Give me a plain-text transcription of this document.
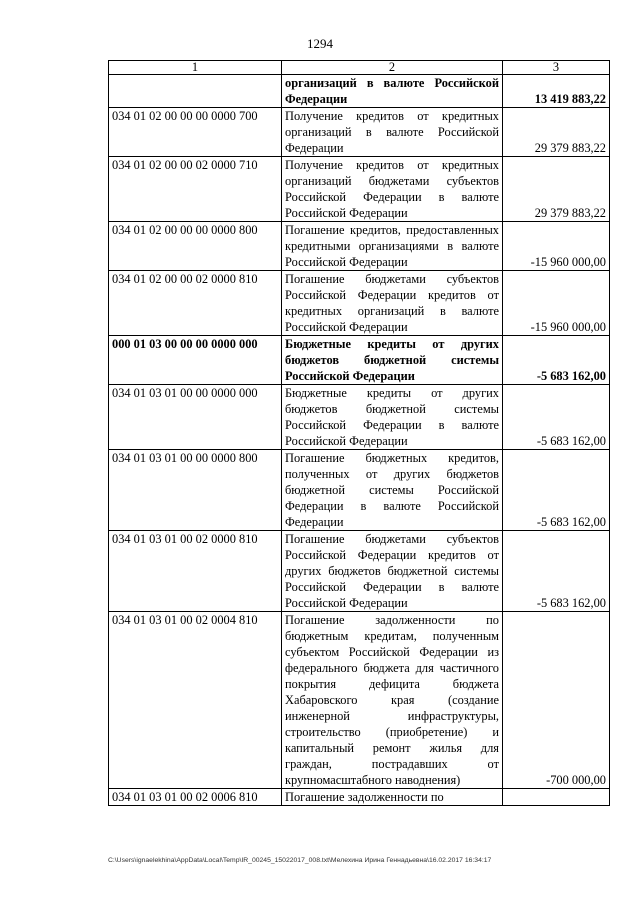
1294
1	2	3
	организаций в валюте Российской Федерации	13 419 883,22
034 01 02 00 00 00 0000 700	Получение кредитов от кредитных организаций в валюте Российской Федерации	29 379 883,22
034 01 02 00 00 02 0000 710	Получение кредитов от кредитных организаций бюджетами субъектов Российской Федерации в валюте Российской Федерации	29 379 883,22
034 01 02 00 00 00 0000 800	Погашение кредитов, предоставленных кредитными организациями в валюте Российской Федерации	-15 960 000,00
034 01 02 00 00 02 0000 810	Погашение бюджетами субъектов Российской Федерации кредитов от кредитных организаций в валюте Российской Федерации	-15 960 000,00
000 01 03 00 00 00 0000 000	Бюджетные кредиты от других бюджетов бюджетной системы Российской Федерации	-5 683 162,00
034 01 03 01 00 00 0000 000	Бюджетные кредиты от других бюджетов бюджетной системы Российской Федерации в валюте Российской Федерации	-5 683 162,00
034 01 03 01 00 00 0000 800	Погашение бюджетных кредитов, полученных от других бюджетов бюджетной системы Российской Федерации в валюте Российской Федерации	-5 683 162,00
034 01 03 01 00 02 0000 810	Погашение бюджетами субъектов Российской Федерации кредитов от других бюджетов бюджетной системы Российской Федерации в валюте Российской Федерации	-5 683 162,00
034 01 03 01 00 02 0004 810	Погашение задолженности по бюджетным кредитам, полученным субъектом Российской Федерации из федерального бюджета для частичного покрытия дефицита бюджета Хабаровского края (создание инженерной инфраструктуры, строительство (приобретение) и капитальный ремонт жилья для граждан, пострадавших от крупномасштабного наводнения)	-700 000,00
034 01 03 01 00 02 0006 810	Погашение задолженности по	
C:\Users\ignaelekhina\AppData\Local\Temp\IR_00245_15022017_008.txt\Мелехина Ирина Геннадьевна\16.02.2017 16:34:17
